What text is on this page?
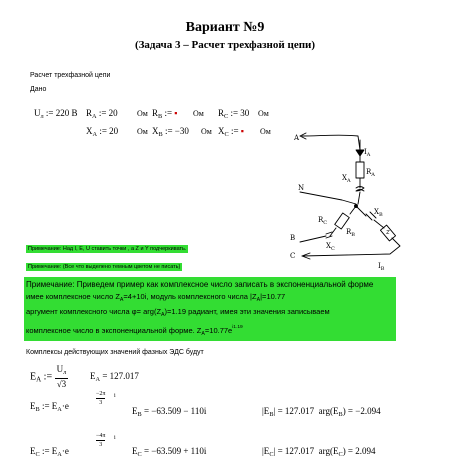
Вариант №9
(Задача 3 – Расчет трехфазной цепи)
Расчет трехфазной цепи
Дано
$U_л$ := 220 В $R_A$ := 20 Ом $R_B$ := ▪ Ом $R_C$ := 30 Ом
$X_A$ := 20 Ом $X_B$ := −30 Ом $X_C$ := ▪ Ом
A
$I_A$
$R_A$
$X_A$
N
B
C
$X_B$
$R_B$
$R_C$
$X_C$
z
$I_B$
Примечание: Над I, E, U ставить точки , а Z и Y подчеркивать.
Примечание: (Все что выделено темным цветом не писать)
Примечание: Приведем пример как комплексное число записать в экспоненциальной форме
имее комплексное число $Z_A=4+10i$, модуль комплексного числа $|Z_A|=10.77$
аргумент комплексного числа $\varphi= arg(Z_A)=1.19$ радиант, имея эти значения записываем
комплексное число в экспоненциальной форме. $Z_A=10.77e^{i1.19}$
Комплексы действующих значений фазных ЭДС будут
$E_A$ := $\frac{U_л}{√3} E_A = 127.017$
$E_B$ := $E_A\cdot e$
−2π
3
i
$E_B = -63.509 - 110i$	$|E_B| = 127.017$ $arg(E_B) = -2.094$
$E_C$ := $E_A\cdot e$
−4π
3
i
$E_C = -63.509 + 110i$	$|E_C| = 127.017$ $arg(E_C) = 2.094$
